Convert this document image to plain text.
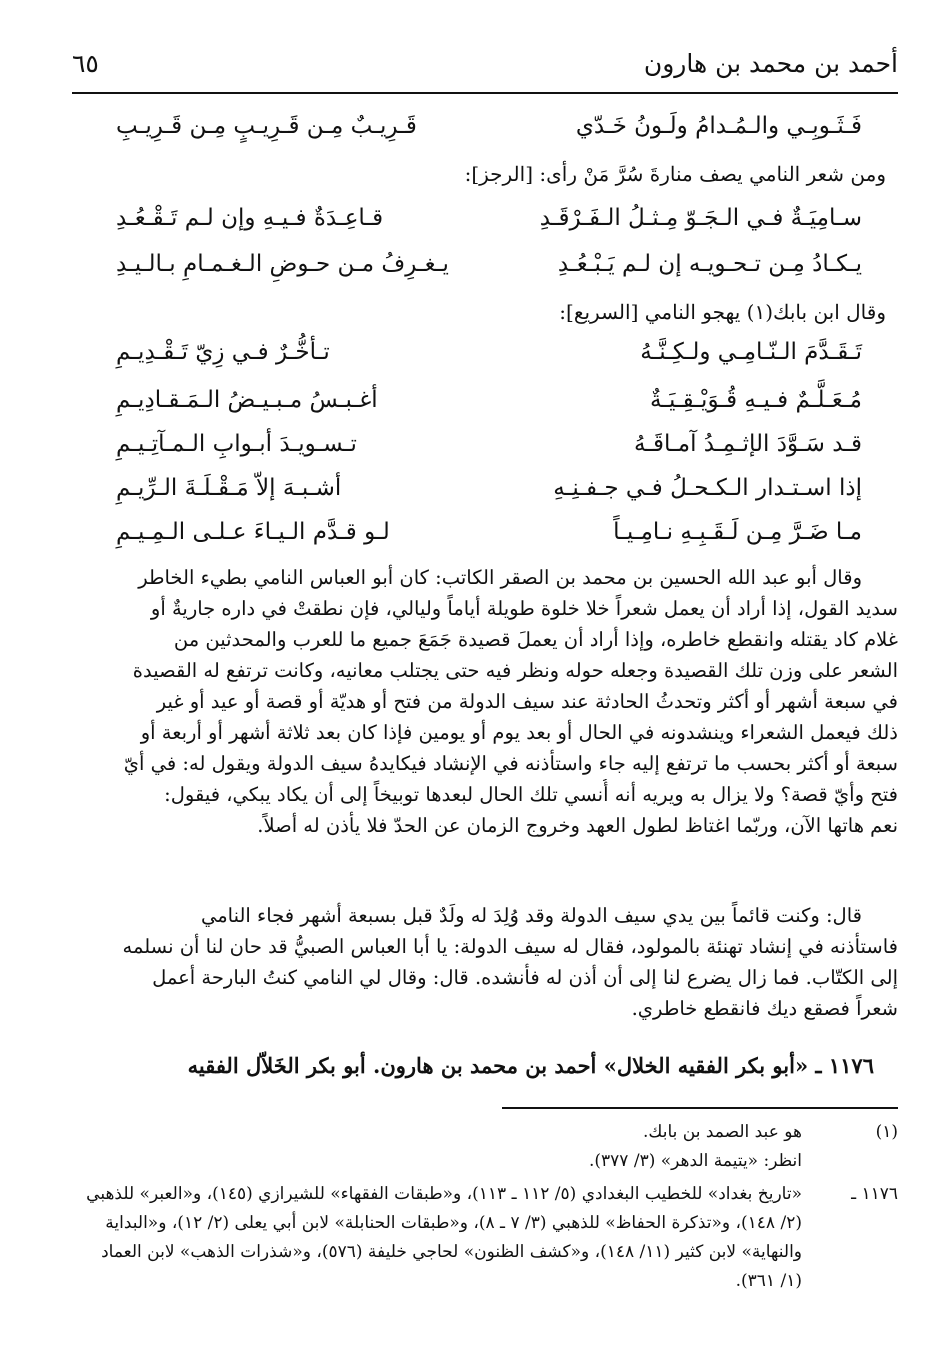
أحمد بن محمد بن هارون
٦٥
فَـثَـوبِـي والـمُـدامُ ولَـونُ خَـدّي
قَـرِيـبٌ مِـن قَـرِيـبٍ مِـن قَـرِيـبِ
ومن شعر النامي يصف منارةَ سُرَّ مَنْ رأى: [الرجز]:
سـامِيَـةٌ فـي الـجَـوّ مِـثـلُ الـفَـرْقَـدِ
قـاعِـدَةٌ فـيـهِ وإن لـم تَـقْـعُـدِ
يـكـادُ مِـن تـحـويـه إن لـم يَـبْـعُـدِ
يـغـرِفُ مـن حـوضِ الـغـمـامِ بـالـيـدِ
وقال ابن بابك(١) يهجو النامي [السريع]:
تَـقَـدَّمَ الـنّـامِـي ولـكِـنَّـهُ
تـأخُّـرٌ فـي زِيّ تَـقْـدِيـمِ
مُـعَـلَّـمٌ فـيـهِ قُـوَيْـقِـيَـةٌ
أغـبـسُ مـبـيـضُ الـمَـقـادِيـمِ
قـد سَـوَّدَ الإثـمِـدُ آمـاقَـهُ
تـسـويـدَ أبـوابِ الـمـآتِـيـمِ
إذا اسـتـدار الـكـحـلُ فـي جـفـنِـهِ
أشـبـهَ إلاّ مَـقْـلَـةَ الـرِّيـمِ
مـا ضَـرَّ مِـن لَـقَـبِـهِ نـامِـيـاً
لـو قـدَّم الـيـاءَ عـلـى الـمِـيـمِ

وقال أبو عبد الله الحسين بن محمد بن الصقر الكاتب: كان أبو العباس النامي بطيء الخاطر

سديد القول، إذا أراد أن يعمل شعراً خلا خلوة طويلة أياماً وليالي، فإن نطقتْ في داره جاريةٌ أو

غلام كاد يقتله وانقطع خاطره، وإذا أراد أن يعملَ قصيدة جَمَعَ جميع ما للعرب والمحدثين من

الشعر على وزن تلك القصيدة وجعله حوله ونظر فيه حتى يجتلب معانيه، وكانت ترتفع له القصيدة

في سبعة أشهر أو أكثر وتحدثُ الحادثة عند سيف الدولة من فتح أو هديّة أو قصة أو عيد أو غير

ذلك فيعمل الشعراء وينشدونه في الحال أو بعد يوم أو يومين فإذا كان بعد ثلاثة أشهر أو أربعة أو

سبعة أو أكثر بحسب ما ترتفع إليه جاء واستأذنه في الإنشاد فيكايدهُ سيف الدولة ويقول له: في أيّ

فتح وأيّ قصة؟ ولا يزال به ويريه أنه أُنسي تلك الحال لبعدها توبيخاً إلى أن يكاد يبكي، فيقول:

نعم هاتها الآن، وربّما اغتاظ لطول العهد وخروج الزمان عن الحدّ فلا يأذن له أصلاً.

قال: وكنت قائماً بين يدي سيف الدولة وقد وُلِدَ له ولَدٌ قبل بسبعة أشهر فجاء النامي

فاستأذنه في إنشاد تهنئة بالمولود، فقال له سيف الدولة: يا أبا العباس الصبيُّ قد حان لنا أن نسلمه

إلى الكتّاب. فما زال يضرع لنا إلى أن أذن له فأنشده. قال: وقال لي النامي كنتُ البارحة أعمل

شعراً فصقع ديك فانقطع خاطري.

١١٧٦ ـ «أبو بكر الفقيه الخلال» أحمد بن محمد بن هارون. أبو بكر الخَلاّل الفقيه
(١)

هو عبد الصمد بن بابك.

انظر: «يتيمة الدهر» (٣/ ٣٧٧).

١١٧٦ ـ

«تاريخ بغداد» للخطيب البغدادي (٥/ ١١٢ ـ ١١٣)، و«طبقات الفقهاء» للشيرازي (١٤٥)، و«العبر» للذهبي

(٢/ ١٤٨)، و«تذكرة الحفاظ» للذهبي (٣/ ٧ ـ ٨)، و«طبقات الحنابلة» لابن أبي يعلى (٢/ ١٢)، و«البداية

والنهاية» لابن كثير (١١/ ١٤٨)، و«كشف الظنون» لحاجي خليفة (٥٧٦)، و«شذرات الذهب» لابن العماد

(١/ ٣٦١).
